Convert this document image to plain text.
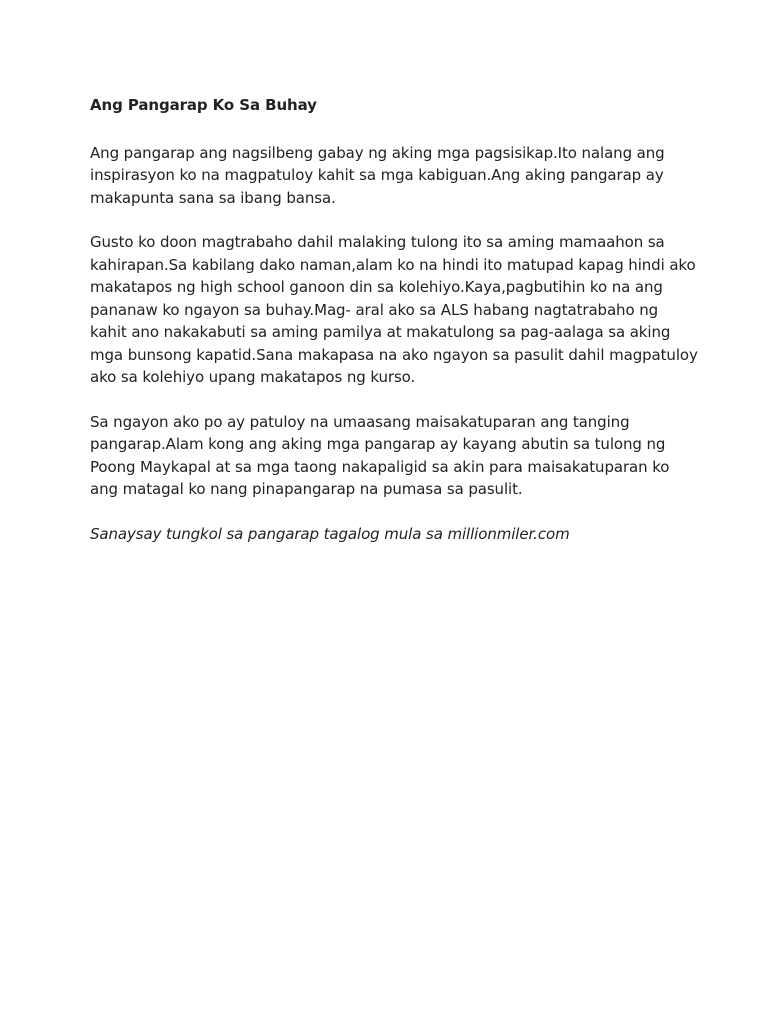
Ang Pangarap Ko Sa Buhay
Ang pangarap ang nagsilbeng gabay ng aking mga pagsisikap.Ito nalang ang
inspirasyon ko na magpatuloy kahit sa mga kabiguan.Ang aking pangarap ay
makapunta sana sa ibang bansa.
Gusto ko doon magtrabaho dahil malaking tulong ito sa aming mamaahon sa
kahirapan.Sa kabilang dako naman,alam ko na hindi ito matupad kapag hindi ako
makatapos ng high school ganoon din sa kolehiyo.Kaya,pagbutihin ko na ang
pananaw ko ngayon sa buhay.Mag- aral ako sa ALS habang nagtatrabaho ng
kahit ano nakakabuti sa aming pamilya at makatulong sa pag-aalaga sa aking
mga bunsong kapatid.Sana makapasa na ako ngayon sa pasulit dahil magpatuloy
ako sa kolehiyo upang makatapos ng kurso.
Sa ngayon ako po ay patuloy na umaasang maisakatuparan ang tanging
pangarap.Alam kong ang aking mga pangarap ay kayang abutin sa tulong ng
Poong Maykapal at sa mga taong nakapaligid sa akin para maisakatuparan ko
ang matagal ko nang pinapangarap na pumasa sa pasulit.

Sanaysay tungkol sa pangarap tagalog mula sa millionmiler.com
